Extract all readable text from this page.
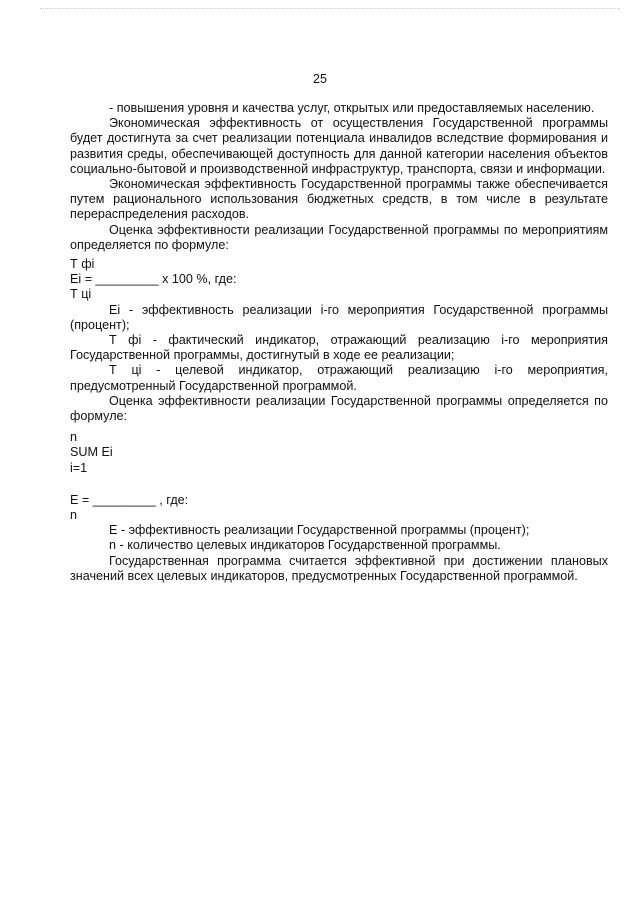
25

- повышения уровня и качества услуг, открытых или предоставляемых населению.

Экономическая эффективность от осуществления Государственной программы будет достигнута за счет реализации потенциала инвалидов вследствие формирования и развития среды, обеспечивающей доступность для данной категории населения объектов социально-бытовой и производственной инфраструктур, транспорта, связи и информации.

Экономическая эффективность Государственной программы также обеспечивается путем рационального использования бюджетных средств, в том числе в результате перераспределения расходов.

Оценка эффективности реализации Государственной программы по мероприятиям определяется по формуле:

Т фi

Еi = _________ х 100 %, где:

Т цi

Еi - эффективность реализации i-го мероприятия Государственной программы (процент);

Т фi - фактический индикатор, отражающий реализацию i-го мероприятия Государственной программы, достигнутый в ходе ее реализации;

Т цi - целевой индикатор, отражающий реализацию i-го мероприятия, предусмотренный Государственной программой.

Оценка эффективности реализации Государственной программы определяется по формуле:

n

SUM Еi

i=1

Е = _________ , где:

n

Е - эффективность реализации Государственной программы (процент);

n - количество целевых индикаторов Государственной программы.

Государственная программа считается эффективной при достижении плановых значений всех целевых индикаторов, предусмотренных Государственной программой.
